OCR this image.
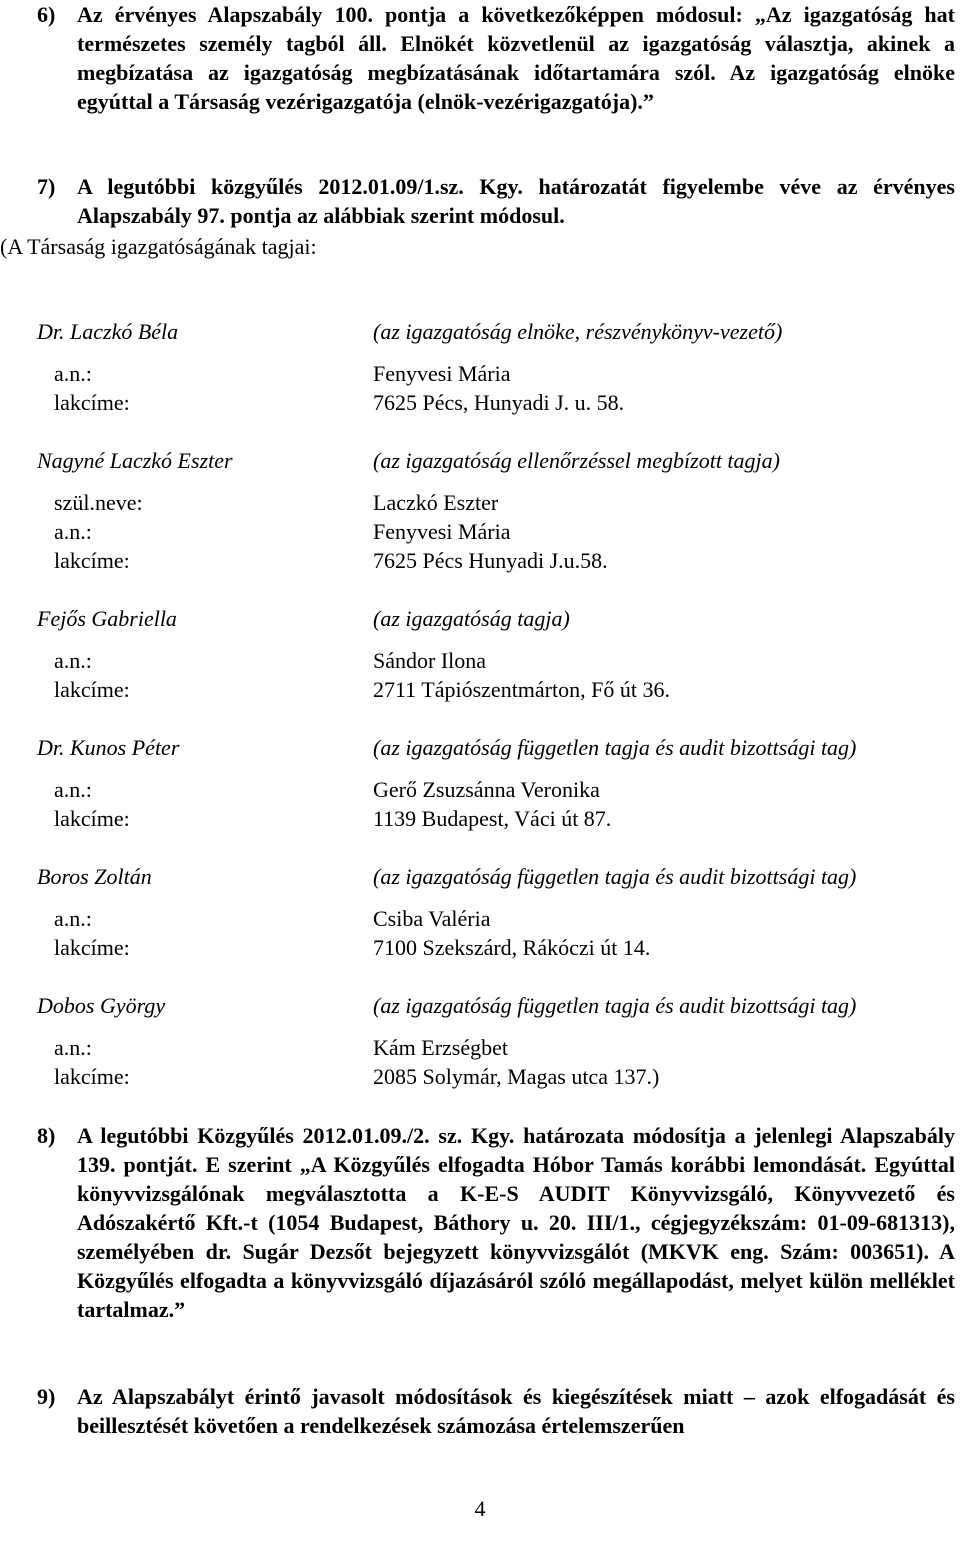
6) Az érvényes Alapszabály 100. pontja a következőképpen módosul: „Az igazgatóság hat természetes személy tagból áll. Elnökét közvetlenül az igazgatóság választja, akinek a megbízatása az igazgatóság megbízatásának időtartamára szól. Az igazgatóság elnöke egyúttal a Társaság vezérigazgatója (elnök-vezérigazgatója).”
7) A legutóbbi közgyűlés 2012.01.09/1.sz. Kgy. határozatát figyelembe véve az érvényes Alapszabály 97. pontja az alábbiak szerint módosul.
(A Társaság igazgatóságának tagjai:
Dr. Laczkó Béla	(az igazgatóság elnöke, részvénykönyv-vezető)
a.n.:	Fenyvesi Mária
lakcíme:	7625 Pécs, Hunyadi J. u. 58.
Nagyné Laczkó Eszter	(az igazgatóság ellenőrzéssel megbízott tagja)
szül.neve:	Laczkó Eszter
a.n.:	Fenyvesi Mária
lakcíme:	7625 Pécs Hunyadi J.u.58.
Fejős Gabriella	(az igazgatóság tagja)
a.n.:	Sándor Ilona
lakcíme:	2711 Tápiószentmárton, Fő út 36.
Dr. Kunos Péter	(az igazgatóság független tagja és audit bizottsági tag)
a.n.:	Gerő Zsuzsánna Veronika
lakcíme:	1139 Budapest, Váci út 87.
Boros Zoltán	(az igazgatóság független tagja és audit bizottsági tag)
a.n.:	Csiba Valéria
lakcíme:	7100 Szekszárd, Rákóczi út 14.
Dobos György	(az igazgatóság független tagja és audit bizottsági tag)
a.n.:	Kám Erzségbet
lakcíme:	2085 Solymár, Magas utca 137.)
8) A legutóbbi Közgyűlés 2012.01.09./2. sz. Kgy. határozata módosítja a jelenlegi Alapszabály 139. pontját. E szerint „A Közgyűlés elfogadta Hóbor Tamás korábbi lemondását. Egyúttal könyvvizsgálónak megválasztotta a K-E-S AUDIT Könyvvizsgáló, Könyvvezető és Adószakértő Kft.-t (1054 Budapest, Báthory u. 20. III/1., cégjegyzékszám: 01-09-681313), személyében dr. Sugár Dezsőt bejegyzett könyvvizsgálót (MKVK eng. Szám: 003651). A Közgyűlés elfogadta a könyvvizsgáló díjazásáról szóló megállapodást, melyet külön melléklet tartalmaz.”
9) Az Alapszabályt érintő javasolt módosítások és kiegészítések miatt – azok elfogadását és beillesztését követően a rendelkezések számozása értelemszerűen
4
